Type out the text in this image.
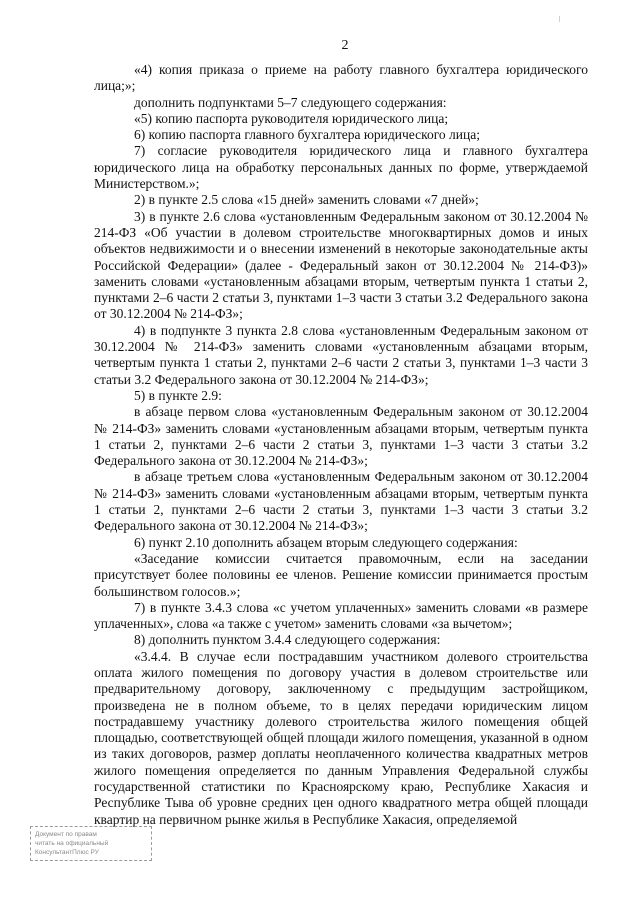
2

«4) копия приказа о приеме на работу главного бухгалтера юридического лица;»;

дополнить подпунктами 5–7 следующего содержания:

«5) копию паспорта руководителя юридического лица;

6) копию паспорта главного бухгалтера юридического лица;

7) согласие руководителя юридического лица и главного бухгалтера юридического лица на обработку персональных данных по форме, утверждаемой Министерством.»;

2) в пункте 2.5 слова «15 дней» заменить словами «7 дней»;

3) в пункте 2.6 слова «установленным Федеральным законом от 30.12.2004 № 214-ФЗ «Об участии в долевом строительстве многоквартирных домов и иных объектов недвижимости и о внесении изменений в некоторые законодательные акты Российской Федерации» (далее - Федеральный закон от 30.12.2004 № 214-ФЗ)» заменить словами «установленным абзацами вторым, четвертым пункта 1 статьи 2, пунктами 2–6 части 2 статьи 3, пунктами 1–3 части 3 статьи 3.2 Федерального закона от 30.12.2004 № 214-ФЗ»;

4) в подпункте 3 пункта 2.8 слова «установленным Федеральным законом от 30.12.2004 № 214-ФЗ» заменить словами «установленным абзацами вторым, четвертым пункта 1 статьи 2, пунктами 2–6 части 2 статьи 3, пунктами 1–3 части 3 статьи 3.2 Федерального закона от 30.12.2004 № 214-ФЗ»;

5) в пункте 2.9:

в абзаце первом слова «установленным Федеральным законом от 30.12.2004 № 214-ФЗ» заменить словами «установленным абзацами вторым, четвертым пункта 1 статьи 2, пунктами 2–6 части 2 статьи 3, пунктами 1–3 части 3 статьи 3.2 Федерального закона от 30.12.2004 № 214-ФЗ»;

в абзаце третьем слова «установленным Федеральным законом от 30.12.2004 № 214-ФЗ» заменить словами «установленным абзацами вторым, четвертым пункта 1 статьи 2, пунктами 2–6 части 2 статьи 3, пунктами 1–3 части 3 статьи 3.2 Федерального закона от 30.12.2004 № 214-ФЗ»;

6) пункт 2.10 дополнить абзацем вторым следующего содержания:

«Заседание комиссии считается правомочным, если на заседании присутствует более половины ее членов. Решение комиссии принимается простым большинством голосов.»;

7) в пункте 3.4.3 слова «с учетом уплаченных» заменить словами «в размере уплаченных», слова «а также с учетом» заменить словами «за вычетом»;

8) дополнить пунктом 3.4.4 следующего содержания:

«3.4.4. В случае если пострадавшим участником долевого строительства оплата жилого помещения по договору участия в долевом строительстве или предварительному договору, заключенному с предыдущим застройщиком, произведена не в полном объеме, то в целях передачи юридическим лицом пострадавшему участнику долевого строительства жилого помещения общей площадью, соответствующей общей площади жилого помещения, указанной в одном из таких договоров, размер доплаты неоплаченного количества квадратных метров жилого помещения определяется по данным Управления Федеральной службы государственной статистики по Красноярскому краю, Республике Хакасия и Республике Тыва об уровне средних цен одного квадратного метра общей площади квартир на первичном рынке жилья в Республике Хакасия, определяемой

Документ по правам
читать на официальный
КонсультантПлюс РУ
